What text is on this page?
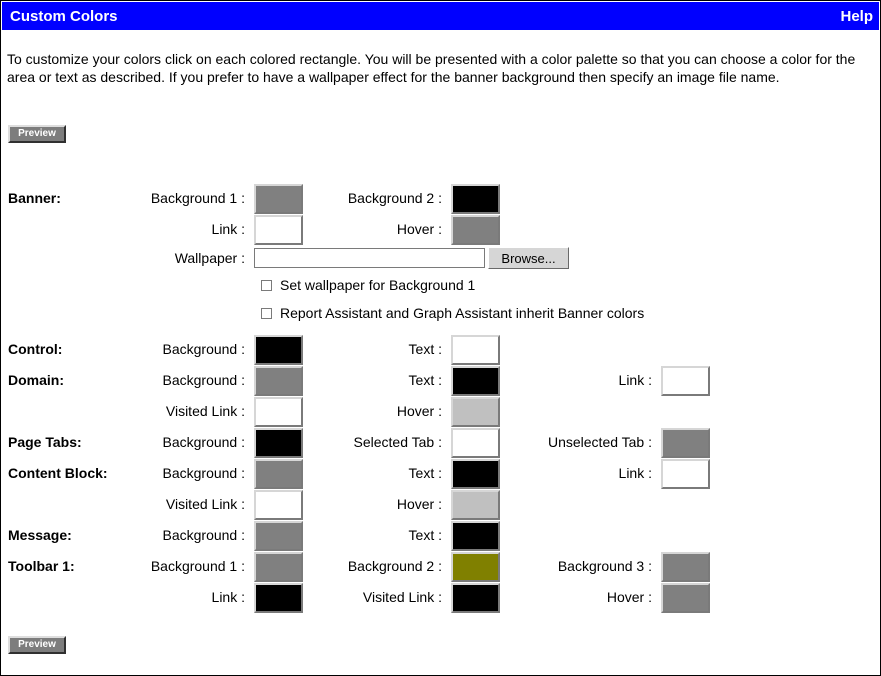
Custom Colors	Help

To customize your colors click on each colored rectangle. You will be presented with a color palette so that you can choose a color for the area or text as described. If you prefer to have a wallpaper effect for the banner background then specify an image file name.

Preview
Banner:	Background 1 :	Background 2 :
Link :	Hover :
Wallpaper :	Browse...
Set wallpaper for Background 1
Report Assistant and Graph Assistant inherit Banner colors
Control:	Background :	Text :
Domain:	Background :	Text :	Link :
Visited Link :	Hover :
Page Tabs:	Background :	Selected Tab :	Unselected Tab :
Content Block:	Background :	Text :	Link :
Visited Link :	Hover :
Message:	Background :	Text :
Toolbar 1:	Background 1 :	Background 2 :	Background 3 :
Link :	Visited Link :	Hover :
Preview
